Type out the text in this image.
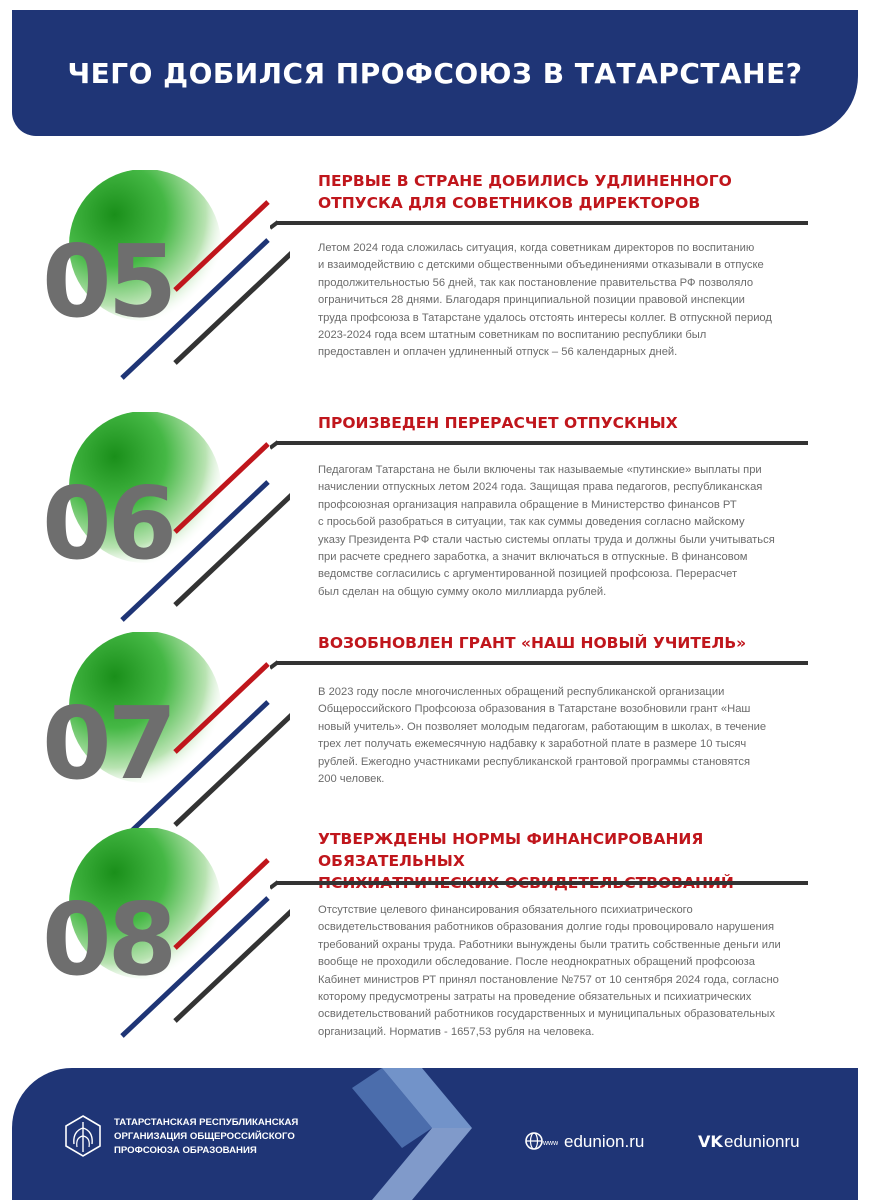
ЧЕГО ДОБИЛСЯ ПРОФСОЮЗ В ТАТАРСТАНЕ?
05
ПЕРВЫЕ В СТРАНЕ ДОБИЛИСЬ УДЛИНЕННОГО
ОТПУСКА ДЛЯ СОВЕТНИКОВ ДИРЕКТОРОВ

Летом 2024 года сложилась ситуация, когда советникам директоров по воспитанию
и взаимодействию с детскими общественными объединениями отказывали в отпуске
продолжительностью 56 дней, так как постановление правительства РФ позволяло
ограничиться 28 днями. Благодаря принципиальной позиции правовой инспекции
труда профсоюза в Татарстане удалось отстоять интересы коллег. В отпускной период
2023-2024 года всем штатным советникам по воспитанию республики был
предоставлен и оплачен удлиненный отпуск – 56 календарных дней.

06
ПРОИЗВЕДЕН ПЕРЕРАСЧЕТ ОТПУСКНЫХ

Педагогам Татарстана не были включены так называемые «путинские» выплаты при
начислении отпускных летом 2024 года. Защищая права педагогов, республиканская
профсоюзная организация направила обращение в Министерство финансов РТ
с просьбой разобраться в ситуации, так как суммы доведения согласно майскому
указу Президента РФ стали частью системы оплаты труда и должны были учитываться
при расчете среднего заработка, а значит включаться в отпускные. В финансовом
ведомстве согласились с аргументированной позицией профсоюза. Перерасчет
был сделан на общую сумму около миллиарда рублей.

07
ВОЗОБНОВЛЕН ГРАНТ «НАШ НОВЫЙ УЧИТЕЛЬ»

В 2023 году после многочисленных обращений республиканской организации
Общероссийского Профсоюза образования в Татарстане возобновили грант «Наш
новый учитель». Он позволяет молодым педагогам, работающим в школах, в течение
трех лет получать ежемесячную надбавку к заработной плате в размере 10 тысяч
рублей. Ежегодно участниками республиканской грантовой программы становятся
200 человек.

08
УТВЕРЖДЕНЫ НОРМЫ ФИНАНСИРОВАНИЯ ОБЯЗАТЕЛЬНЫХ
ПСИХИАТРИЧЕСКИХ ОСВИДЕТЕЛЬСТВОВАНИЙ

Отсутствие целевого финансирования обязательного психиатрического
освидетельствования работников образования долгие годы провоцировало нарушения
требований охраны труда. Работники вынуждены были тратить собственные деньги или
вообще не проходили обследование. После неоднократных обращений профсоюза
Кабинет министров РТ принял постановление №757 от 10 сентября 2024 года, согласно
которому предусмотрены затраты на проведение обязательных и психиатрических
освидетельствований работников государственных и муниципальных образовательных
организаций. Норматив - 1657,53 рубля на человека.

ТАТАРСТАНСКАЯ РЕСПУБЛИКАНСКАЯ
ОРГАНИЗАЦИЯ ОБЩЕРОССИЙСКОГО
ПРОФСОЮЗА ОБРАЗОВАНИЯ
www edunion.ru	VK edunionru
